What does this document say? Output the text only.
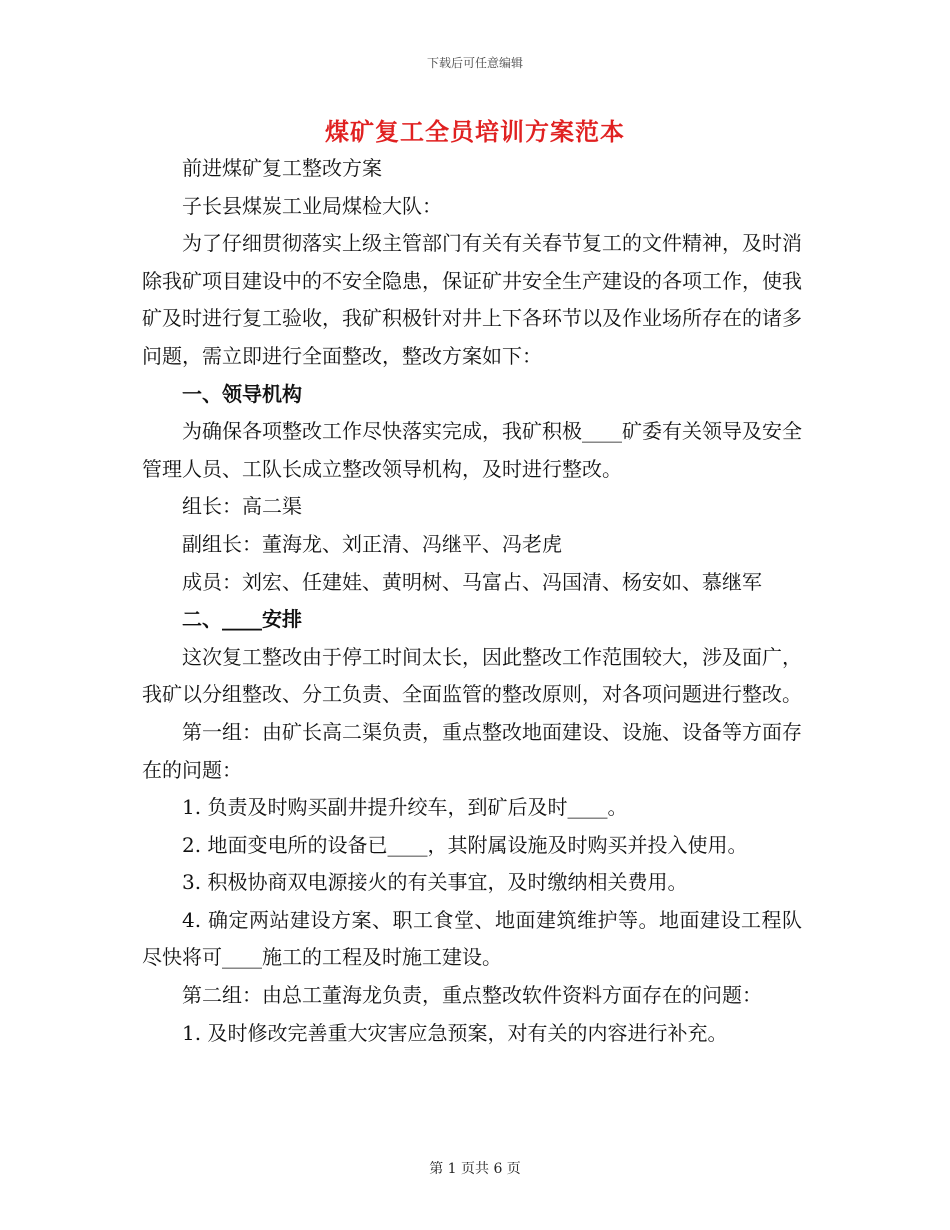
下载后可任意编辑
煤矿复工全员培训方案范本

前进煤矿复工整改方案

子长县煤炭工业局煤检大队：

为了仔细贯彻落实上级主管部门有关有关春节复工的文件精神，及时消除我矿项目建设中的不安全隐患，保证矿井安全生产建设的各项工作，使我矿及时进行复工验收，我矿积极针对井上下各环节以及作业场所存在的诸多问题，需立即进行全面整改，整改方案如下：

一、领导机构

为确保各项整改工作尽快落实完成，我矿积极____矿委有关领导及安全管理人员、工队长成立整改领导机构，及时进行整改。

组长：高二渠

副组长：董海龙、刘正清、冯继平、冯老虎

成员：刘宏、任建娃、黄明树、马富占、冯国清、杨安如、慕继军

二、____安排

这次复工整改由于停工时间太长，因此整改工作范围较大，涉及面广，我矿以分组整改、分工负责、全面监管的整改原则，对各项问题进行整改。

第一组：由矿长高二渠负责，重点整改地面建设、设施、设备等方面存在的问题：

1. 负责及时购买副井提升绞车，到矿后及时____。

2. 地面变电所的设备已____，其附属设施及时购买并投入使用。

3. 积极协商双电源接火的有关事宜，及时缴纳相关费用。

4. 确定两站建设方案、职工食堂、地面建筑维护等。地面建设工程队尽快将可____施工的工程及时施工建设。

第二组：由总工董海龙负责，重点整改软件资料方面存在的问题：

1. 及时修改完善重大灾害应急预案，对有关的内容进行补充。

第 1 页共 6 页
